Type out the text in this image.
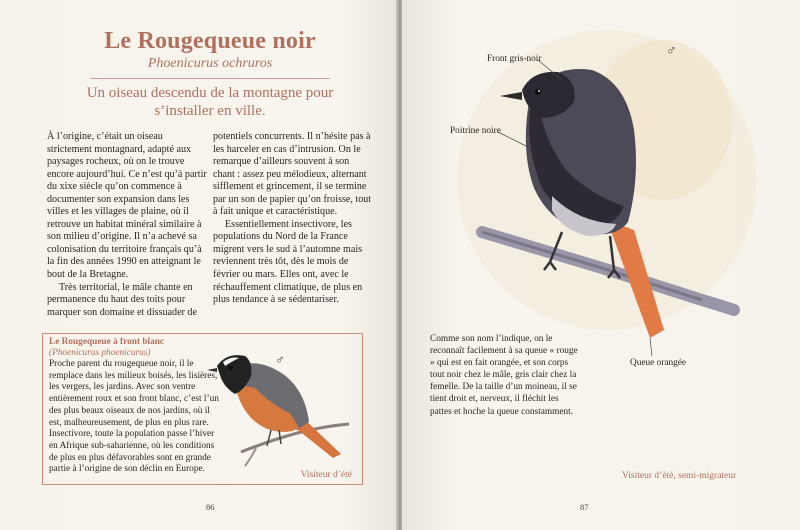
Le Rougequeue noir
Phoenicurus ochruros
Un oiseau descendu de la montagne pour s’installer en ville.

À l’origine, c’était un oiseau strictement montagnard, adapté aux paysages rocheux, où on le trouve encore aujourd’hui. Ce n’est qu’à partir du xixe siècle qu’on commence à documenter son expansion dans les villes et les villages de plaine, où il retrouve un habitat minéral similaire à son milieu d’origine. Il n’a achevé sa colonisation du territoire français qu’à la fin des années 1990 en atteignant le bout de la Bretagne.

Très territorial, le mâle chante en permanence du haut des toits pour marquer son domaine et dissuader de

potentiels concurrents. Il n’hésite pas à les harceler en cas d’intrusion. On le remarque d’ailleurs souvent à son chant : assez peu mélodieux, alternant sifflement et grincement, il se termine par un son de papier qu’on froisse, tout à fait unique et caractéristique.

Essentiellement insectivore, les populations du Nord de la France migrent vers le sud à l’automne mais reviennent très tôt, dès le mois de février ou mars. Elles ont, avec le réchauffement climatique, de plus en plus tendance à se sédentariser.

Le Rougequeue à front blanc
(Phoenicurus phoenicurus)

Proche parent du rougequeue noir, il le remplace dans les milieux boisés, les lisières, les vergers, les jardins. Avec son ventre entièrement roux et son front blanc, c’est l’un des plus beaux oiseaux de nos jardins, où il est, malheureusement, de plus en plus rare. Insectivore, toute la population passe l’hiver en Afrique sub-saharienne, où les conditions de plus en plus défavorables sont en grande partie à l’origine de son déclin en Europe.

♂
Visiteur d’été
86
Front gris-noir
Poitrine noire
Queue orangée
♂

Comme son nom l’indique, on le reconnaît facilement à sa queue « rouge » qui est en fait orangée, et son corps tout noir chez le mâle, gris clair chez la femelle. De la taille d’un moineau, il se tient droit et, nerveux, il fléchit les pattes et hoche la queue constamment.

Visiteur d’été, semi-migrateur
87
